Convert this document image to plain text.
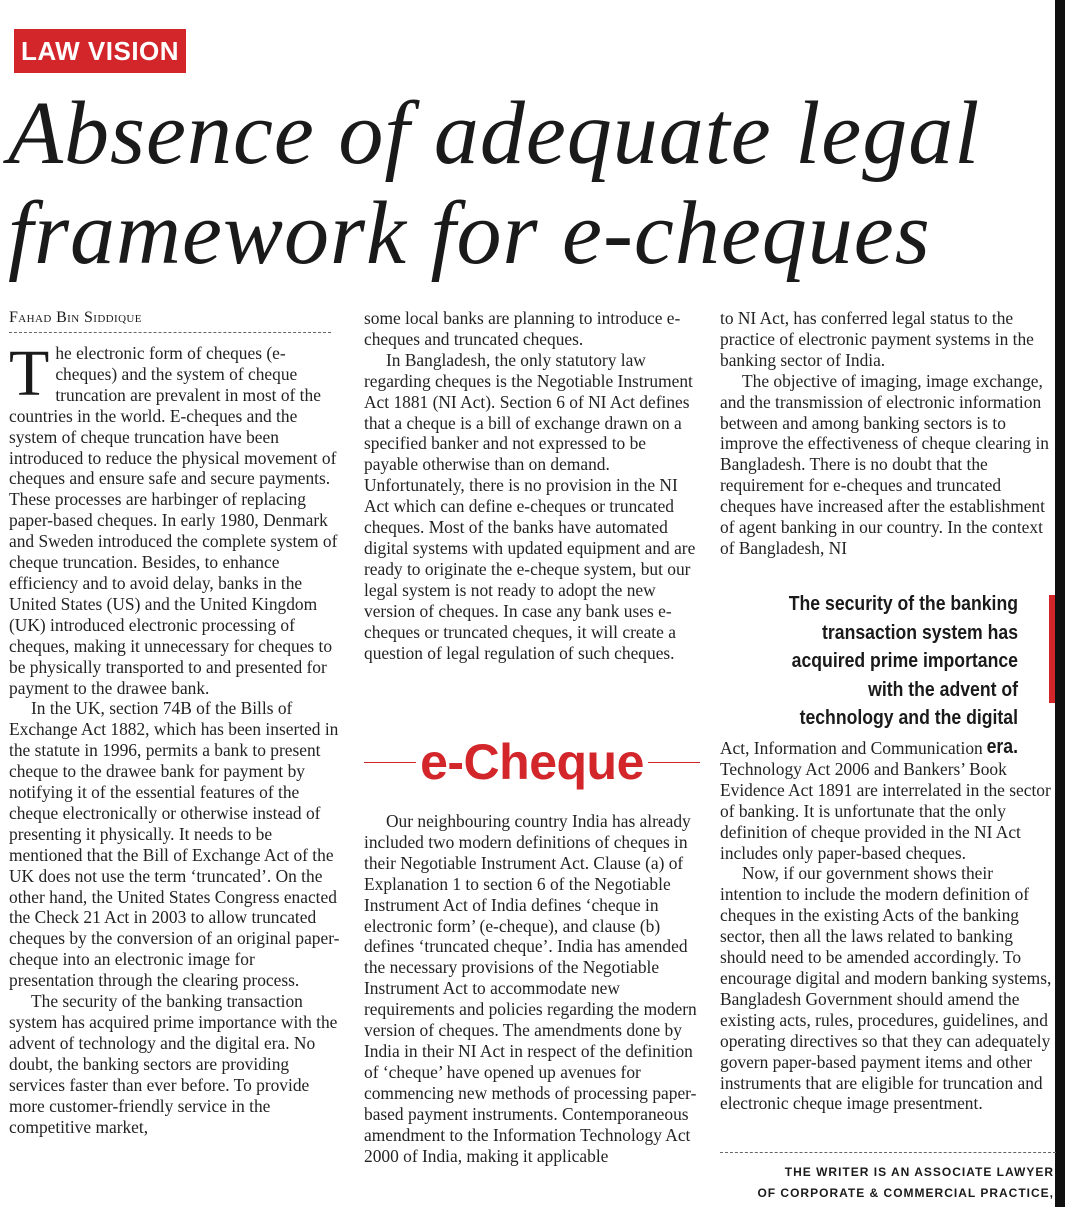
LAW VISION
Absence of adequate legal
framework for e-cheques
Fahad Bin Siddique

The electronic form of cheques (e-cheques) and the system of cheque truncation are prevalent in most of the countries in the world. E-cheques and the system of cheque truncation have been introduced to reduce the physical movement of cheques and ensure safe and secure payments. These processes are harbinger of replacing paper-based cheques. In early 1980, Denmark and Sweden introduced the complete system of cheque truncation. Besides, to enhance efficiency and to avoid delay, banks in the United States (US) and the United Kingdom (UK) introduced electronic processing of cheques, making it unnecessary for cheques to be physically transported to and presented for payment to the drawee bank.

In the UK, section 74B of the Bills of Exchange Act 1882, which has been inserted in the statute in 1996, permits a bank to present cheque to the drawee bank for payment by notifying it of the essential features of the cheque electronically or otherwise instead of presenting it physically. It needs to be mentioned that the Bill of Exchange Act of the UK does not use the term ‘truncated’. On the other hand, the United States Congress enacted the Check 21 Act in 2003 to allow truncated cheques by the conversion of an original paper-cheque into an electronic image for presentation through the clearing process.

The security of the banking transaction system has acquired prime importance with the advent of technology and the digital era. No doubt, the banking sectors are providing services faster than ever before. To provide more customer-friendly service in the competitive market,

some local banks are planning to introduce e-cheques and truncated cheques.

In Bangladesh, the only statutory law regarding cheques is the Negotiable Instrument Act 1881 (NI Act). Section 6 of NI Act defines that a cheque is a bill of exchange drawn on a specified banker and not expressed to be payable otherwise than on demand. Unfortunately, there is no provision in the NI Act which can define e-cheques or truncated cheques. Most of the banks have automated digital systems with updated equipment and are ready to originate the e-cheque system, but our legal system is not ready to adopt the new version of cheques. In case any bank uses e-cheques or truncated cheques, it will create a question of legal regulation of such cheques.

e-Cheque

Our neighbouring country India has already included two modern definitions of cheques in their Negotiable Instrument Act. Clause (a) of Explanation 1 to section 6 of the Negotiable Instrument Act of India defines ‘cheque in electronic form’ (e-cheque), and clause (b) defines ‘truncated cheque’. India has amended the necessary provisions of the Negotiable Instrument Act to accommodate new requirements and policies regarding the modern version of cheques. The amendments done by India in their NI Act in respect of the definition of ‘cheque’ have opened up avenues for commencing new methods of processing paper-based payment instruments. Contemporaneous amendment to the Information Technology Act 2000 of India, making it applicable

to NI Act, has conferred legal status to the practice of electronic payment systems in the banking sector of India.

The objective of imaging, image exchange, and the transmission of electronic information between and among banking sectors is to improve the effectiveness of cheque clearing in Bangladesh. There is no doubt that the requirement for e-cheques and truncated cheques have increased after the establishment of agent banking in our country. In the context of Bangladesh, NI

The security of the banking transaction system has acquired prime importance with the advent of technology and the digital era.

Act, Information and Communication Technology Act 2006 and Bankers’ Book Evidence Act 1891 are interrelated in the sector of banking. It is unfortunate that the only definition of cheque provided in the NI Act includes only paper-based cheques.

Now, if our government shows their intention to include the modern definition of cheques in the existing Acts of the banking sector, then all the laws related to banking should need to be amended accordingly. To encourage digital and modern banking systems, Bangladesh Government should amend the existing acts, rules, procedures, guidelines, and operating directives so that they can adequately govern paper-based payment items and other instruments that are eligible for truncation and electronic cheque image presentment.

THE WRITER IS AN ASSOCIATE LAWYER
OF CORPORATE & COMMERCIAL PRACTICE,
